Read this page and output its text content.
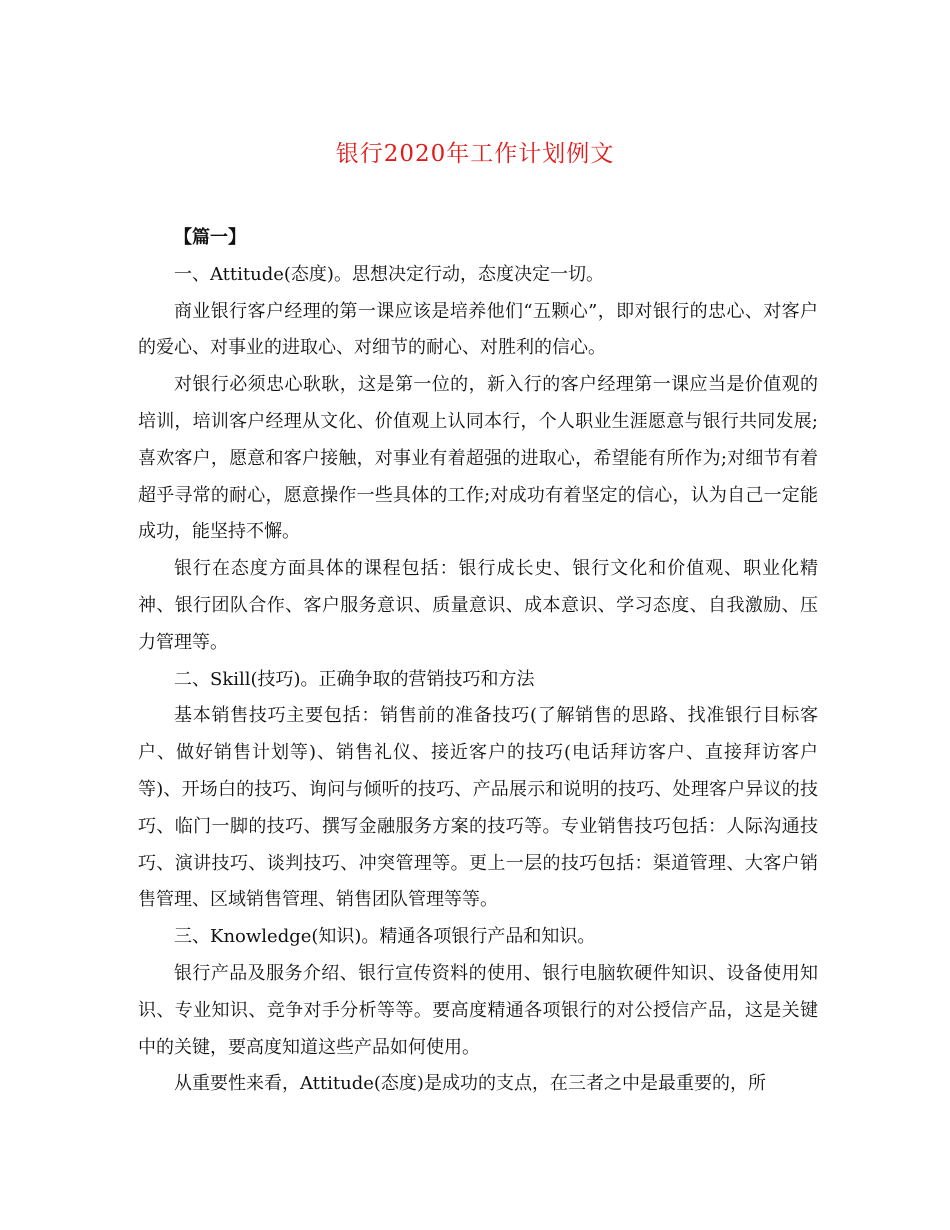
银行2020年工作计划例文

【篇一】

一、Attitude(态度)。思想决定行动，态度决定一切。

商业银行客户经理的第一课应该是培养他们“五颗心”，即对银行的忠心、对客户的爱心、对事业的进取心、对细节的耐心、对胜利的信心。

对银行必须忠心耿耿，这是第一位的，新入行的客户经理第一课应当是价值观的培训，培训客户经理从文化、价值观上认同本行，个人职业生涯愿意与银行共同发展;喜欢客户，愿意和客户接触，对事业有着超强的进取心，希望能有所作为;对细节有着超乎寻常的耐心，愿意操作一些具体的工作;对成功有着坚定的信心，认为自己一定能成功，能坚持不懈。

银行在态度方面具体的课程包括：银行成长史、银行文化和价值观、职业化精神、银行团队合作、客户服务意识、质量意识、成本意识、学习态度、自我激励、压力管理等。

二、Skill(技巧)。正确争取的营销技巧和方法

基本销售技巧主要包括：销售前的准备技巧(了解销售的思路、找准银行目标客户、做好销售计划等)、销售礼仪、接近客户的技巧(电话拜访客户、直接拜访客户等)、开场白的技巧、询问与倾听的技巧、产品展示和说明的技巧、处理客户异议的技巧、临门一脚的技巧、撰写金融服务方案的技巧等。专业销售技巧包括：人际沟通技巧、演讲技巧、谈判技巧、冲突管理等。更上一层的技巧包括：渠道管理、大客户销售管理、区域销售管理、销售团队管理等等。

三、Knowledge(知识)。精通各项银行产品和知识。

银行产品及服务介绍、银行宣传资料的使用、银行电脑软硬件知识、设备使用知识、专业知识、竞争对手分析等等。要高度精通各项银行的对公授信产品，这是关键中的关键，要高度知道这些产品如何使用。

从重要性来看，Attitude(态度)是成功的支点，在三者之中是最重要的，所
